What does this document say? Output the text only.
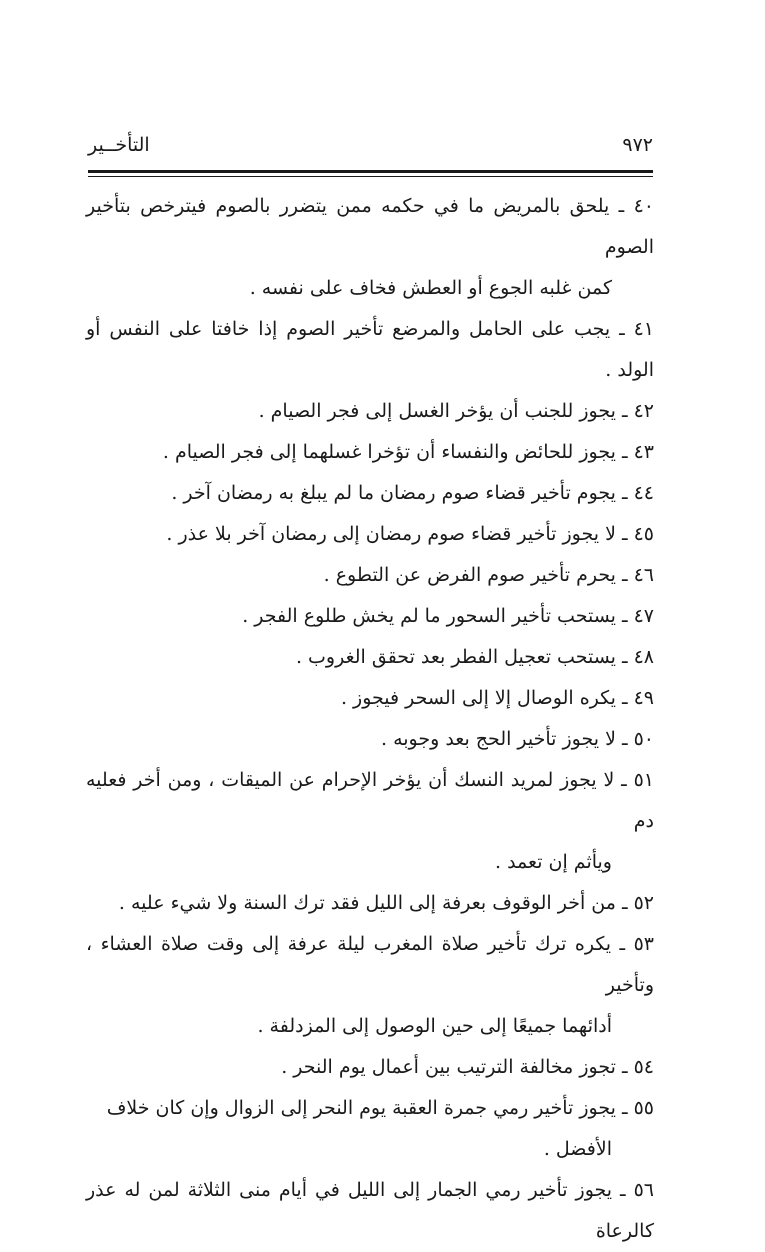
٩٧٢
التأخــير

٤٠ ـ يلحق بالمريض ما في حكمه ممن يتضرر بالصوم فيترخص بتأخير الصوم
كمن غلبه الجوع أو العطش فخاف على نفسه .

٤١ ـ يجب على الحامل والمرضع تأخير الصوم إذا خافتا على النفس أو الولد .

٤٢ ـ يجوز للجنب أن يؤخر الغسل إلى فجر الصيام .

٤٣ ـ يجوز للحائض والنفساء أن تؤخرا غسلهما إلى فجر الصيام .

٤٤ ـ يجوم تأخير قضاء صوم رمضان ما لم يبلغ به رمضان آخر .

٤٥ ـ لا يجوز تأخير قضاء صوم رمضان إلى رمضان آخر بلا عذر .

٤٦ ـ يحرم تأخير صوم الفرض عن التطوع .

٤٧ ـ يستحب تأخير السحور ما لم يخش طلوع الفجر .

٤٨ ـ يستحب تعجيل الفطر بعد تحقق الغروب .

٤٩ ـ يكره الوصال إلا إلى السحر فيجوز .

٥٠ ـ لا يجوز تأخير الحج بعد وجوبه .

٥١ ـ لا يجوز لمريد النسك أن يؤخر الإحرام عن الميقات ، ومن أخر فعليه دم
ويأثم إن تعمد .

٥٢ ـ من أخر الوقوف بعرفة إلى الليل فقد ترك السنة ولا شيء عليه .

٥٣ ـ يكره ترك تأخير صلاة المغرب ليلة عرفة إلى وقت صلاة العشاء ، وتأخير
أدائهما جميعًا إلى حين الوصول إلى المزدلفة .

٥٤ ـ تجوز مخالفة الترتيب بين أعمال يوم النحر .

٥٥ ـ يجوز تأخير رمي جمرة العقبة يوم النحر إلى الزوال وإن كان خلاف
الأفضل .

٥٦ ـ يجوز تأخير رمي الجمار إلى الليل في أيام منى الثلاثة لمن له عذر كالرعاة
